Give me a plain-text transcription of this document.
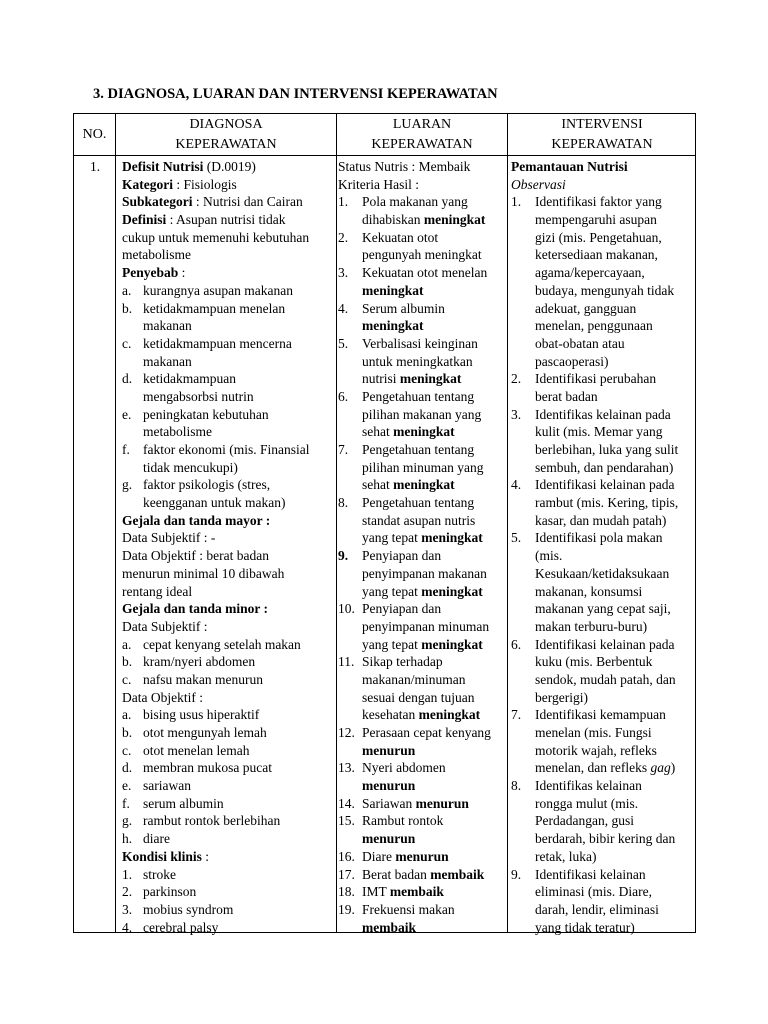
3. DIAGNOSA, LUARAN DAN INTERVENSI KEPERAWATAN
NO.
DIAGNOSA
KEPERAWATAN
LUARAN
KEPERAWATAN
INTERVENSI
KEPERAWATAN
1.	Defisit Nutrisi (D.0019)
Kategori : Fisiologis
Subkategori : Nutrisi dan Cairan
Definisi : Asupan nutrisi tidak
cukup untuk memenuhi kebutuhan
metabolisme
Penyebab :
a. kurangnya asupan makanan
b. ketidakmampuan menelan
makanan
c. ketidakmampuan mencerna
makanan
d. ketidakmampuan
mengabsorbsi nutrin
e. peningkatan kebutuhan
metabolisme
f. faktor ekonomi (mis. Finansial
tidak mencukupi)
g. faktor psikologis (stres,
keengganan untuk makan)
Gejala dan tanda mayor :
Data Subjektif : -
Data Objektif : berat badan
menurun minimal 10 dibawah
rentang ideal
Gejala dan tanda minor :
Data Subjektif :
a. cepat kenyang setelah makan
b. kram/nyeri abdomen
c. nafsu makan menurun
Data Objektif :
a. bising usus hiperaktif
b. otot mengunyah lemah
c. otot menelan lemah
d. membran mukosa pucat
e. sariawan
f. serum albumin
g. rambut rontok berlebihan
h. diare
Kondisi klinis :
1. stroke
2. parkinson
3. mobius syndrom
4. cerebral palsy
Status Nutris : Membaik
Kriteria Hasil :
1. Pola makanan yang
dihabiskan meningkat
2. Kekuatan otot
pengunyah meningkat
3. Kekuatan otot menelan
meningkat
4. Serum albumin
meningkat
5. Verbalisasi keinginan
untuk meningkatkan
nutrisi meningkat
6. Pengetahuan tentang
pilihan makanan yang
sehat meningkat
7. Pengetahuan tentang
pilihan minuman yang
sehat meningkat
8. Pengetahuan tentang
standat asupan nutris
yang tepat meningkat
9. Penyiapan dan
penyimpanan makanan
yang tepat meningkat
10. Penyiapan dan
penyimpanan minuman
yang tepat meningkat
11. Sikap terhadap
makanan/minuman
sesuai dengan tujuan
kesehatan meningkat
12. Perasaan cepat kenyang
menurun
13. Nyeri abdomen
menurun
14. Sariawan menurun
15. Rambut rontok
menurun
16. Diare menurun
17. Berat badan membaik
18. IMT membaik
19. Frekuensi makan
membaik
Pemantauan Nutrisi
Observasi
1. Identifikasi faktor yang
mempengaruhi asupan
gizi (mis. Pengetahuan,
ketersediaan makanan,
agama/kepercayaan,
budaya, mengunyah tidak
adekuat, gangguan
menelan, penggunaan
obat-obatan atau
pascaoperasi)
2. Identifikasi perubahan
berat badan
3. Identifikas kelainan pada
kulit (mis. Memar yang
berlebihan, luka yang sulit
sembuh, dan pendarahan)
4. Identifikasi kelainan pada
rambut (mis. Kering, tipis,
kasar, dan mudah patah)
5. Identifikasi pola makan
(mis.
Kesukaan/ketidaksukaan
makanan, konsumsi
makanan yang cepat saji,
makan terburu-buru)
6. Identifikasi kelainan pada
kuku (mis. Berbentuk
sendok, mudah patah, dan
bergerigi)
7. Identifikasi kemampuan
menelan (mis. Fungsi
motorik wajah, refleks
menelan, dan refleks gag)
8. Identifikas kelainan
rongga mulut (mis.
Perdadangan, gusi
berdarah, bibir kering dan
retak, luka)
9. Identifikasi kelainan
eliminasi (mis. Diare,
darah, lendir, eliminasi
yang tidak teratur)
